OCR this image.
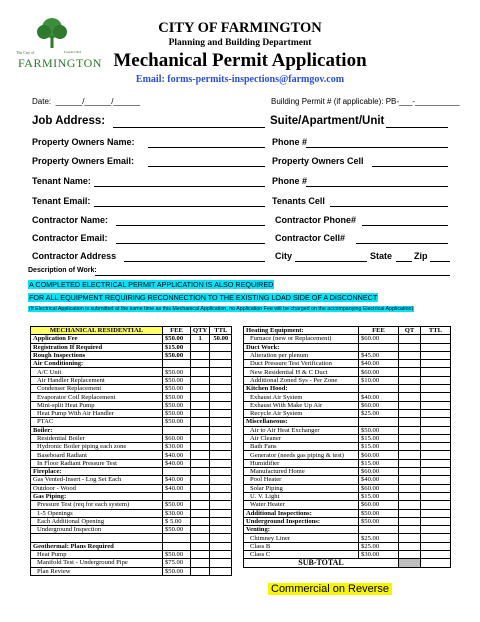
The City of	Founded 1824
FARMINGTON
CITY OF FARMINGTON
Planning and Building Department
Mechanical Permit Application
Email: forms-permits-inspections@farmgov.com
Date: ______/______/______	Building Permit # (if applicable): PB-___-__________
Job Address:	Suite/Apartment/Unit
Property Owners Name:	Phone #
Property Owners Email:	Property Owners Cell
Tenant Name:	Phone #
Tenant Email:	Tenants Cell
Contractor Name:	Contractor Phone#
Contractor Email:	Contractor Cell#
Contractor Address	City	State Zip
Description of Work:
A COMPLETED ELECTRICAL PERMIT APPLICATION IS ALSO REQUIRED
FOR ALL EQUIPMENT REQUIRING RECONNECTION TO THE EXISTING LOAD SIDE OF A DISCONNECT
(If Electrical Application is submitted at the same time as this Mechanical Application, no Application Fee will be charged on the accompanying Electrical Application)
MECHANICAL RESIDENTIAL	FEE	QTY	TTL
Application Fee	$50.00	1	50.00
Registration If Required	$15.00		
Rough Inspections	$50.00		
Air Conditioning:			
A/C Unit	$50.00		
Air Handler Replacement	$50.00		
Condenser Replacement	$50.00		
Evaporator Coil Replacement	$50.00		
Mini-split Heat Pump	$50.00		
Heat Pump With Air Handler	$50.00		
PTAC	$50.00		
Boiler:			
Residential Boiler	$60.00		
Hydronic Boiler piping each zone	$30.00		
Baseboard Radiant	$40.00		
In Floor Radiant Pressure Test	$40.00		
Fireplace:			
Gas Vented-Insert - Log Set Each	$40.00		
Outdoor - Wood	$40.00		
Gas Piping:			
Pressure Test (req for each system)	$50.00		
1-5 Openings	$30.00		
Each Additional Opening	$ 5.00		
Underground Inspection	$50.00		

Geothermal: Plans Required			
Heat Pump	$50.00		
Manifold Test - Underground Pipe	$75.00		
Plan Review	$50.00		
Heating Equipment:	FEE	QT	TTL
Furnace (new or Replacement)	$60.00		
Duct Work:			
Alteration per plenum	$45.00		
Duct Pressure Test Verification	$40.00		
New Residential H & C Duct	$60.00		
Additional Zoned Sys - Per Zone	$10.00		
Kitchen Hood:			
Exhaust Air System	$40.00		
Exhaust With Make Up Air	$60.00		
Recycle Air System	$25.00		
Miscellaneous:			
Air to Air Heat Exchanger	$50.00		
Air Cleaner	$15.00		
Bath Fans	$15.00		
Generator (needs gas piping & test)	$60.00		
Humidifier	$15.00		
Manufactured Home	$60.00		
Pool Heater	$40.00		
Solar Piping	$60.00		
U. V. Light	$15.00		
Water Heater	$60.00		
Additional Inspections:	$50.00		
Underground Inspections:	$50.00		
Venting:			
Chimney Liner	$25.00		
Class B	$25.00		
Class C	$30.00		
SUB-TOTAL			
Commercial on Reverse
